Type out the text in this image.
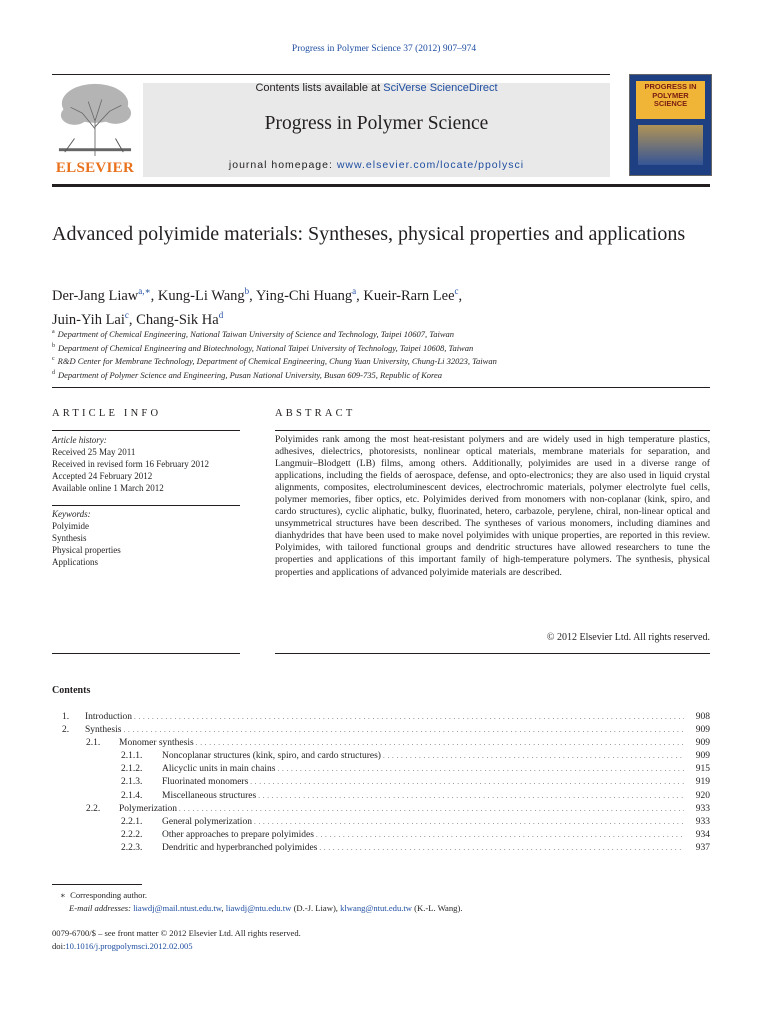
Progress in Polymer Science 37 (2012) 907–974
Contents lists available at SciVerse ScienceDirect
Progress in Polymer Science
journal homepage: www.elsevier.com/locate/ppolysci
ELSEVIER
PROGRESS IN POLYMER SCIENCE
Advanced polyimide materials: Syntheses, physical properties and applications
Der-Jang Liaw$^{a,∗}$, Kung-Li Wang$^b$, Ying-Chi Huang$^a$, Kueir-Rarn Lee$^c$,
Juin-Yih Lai$^c$, Chang-Sik Ha$^d$
$^a$ Department of Chemical Engineering, National Taiwan University of Science and Technology, Taipei 10607, Taiwan
$^b$ Department of Chemical Engineering and Biotechnology, National Taipei University of Technology, Taipei 10608, Taiwan
$^c$ R&D Center for Membrane Technology, Department of Chemical Engineering, Chung Yuan University, Chung-Li 32023, Taiwan
$^d$ Department of Polymer Science and Engineering, Pusan National University, Busan 609-735, Republic of Korea
ARTICLE INFO	ABSTRACT
Article history:
Received 25 May 2011
Received in revised form 16 February 2012
Accepted 24 February 2012
Available online 1 March 2012
Keywords:
Polyimide
Synthesis
Physical properties
Applications
Polyimides rank among the most heat-resistant polymers and are widely used in high temperature plastics, adhesives, dielectrics, photoresists, nonlinear optical materials, membrane materials for separation, and Langmuir–Blodgett (LB) films, among others. Additionally, polyimides are used in a diverse range of applications, including the fields of aerospace, defense, and opto-electronics; they are also used in liquid crystal alignments, composites, electroluminescent devices, electrochromic materials, polymer electrolyte fuel cells, polymer memories, fiber optics, etc. Polyimides derived from monomers with non-coplanar (kink, spiro, and cardo structures), cyclic aliphatic, bulky, fluorinated, hetero, carbazole, perylene, chiral, non-linear optical and unsymmetrical structures have been described. The syntheses of various monomers, including diamines and dianhydrides that have been used to make novel polyimides with unique properties, are reported in this review. Polyimides, with tailored functional groups and dendritic structures have allowed researchers to tune the properties and applications of this important family of high-temperature polymers. The synthesis, physical properties and applications of advanced polyimide materials are described.
© 2012 Elsevier Ltd. All rights reserved.
Contents
1.	Introduction . . .	908
2.	Synthesis . . .	909
2.1.	Monomer synthesis . . .	909
2.1.1.	Noncoplanar structures (kink, spiro, and cardo structures) . . .	909
2.1.2.	Alicyclic units in main chains . . .	915
2.1.3.	Fluorinated monomers . . .	919
2.1.4.	Miscellaneous structures . . .	920
2.2.	Polymerization . . .	933
2.2.1.	General polymerization . . .	933
2.2.2.	Other approaches to prepare polyimides . . .	934
2.2.3.	Dendritic and hyperbranched polyimides . . .	937
∗ Corresponding author.
E-mail addresses: liawdj@mail.ntust.edu.tw, liawdj@ntu.edu.tw (D.-J. Liaw), klwang@ntut.edu.tw (K.-L. Wang).
0079-6700/$ – see front matter © 2012 Elsevier Ltd. All rights reserved.
doi:10.1016/j.progpolymsci.2012.02.005
